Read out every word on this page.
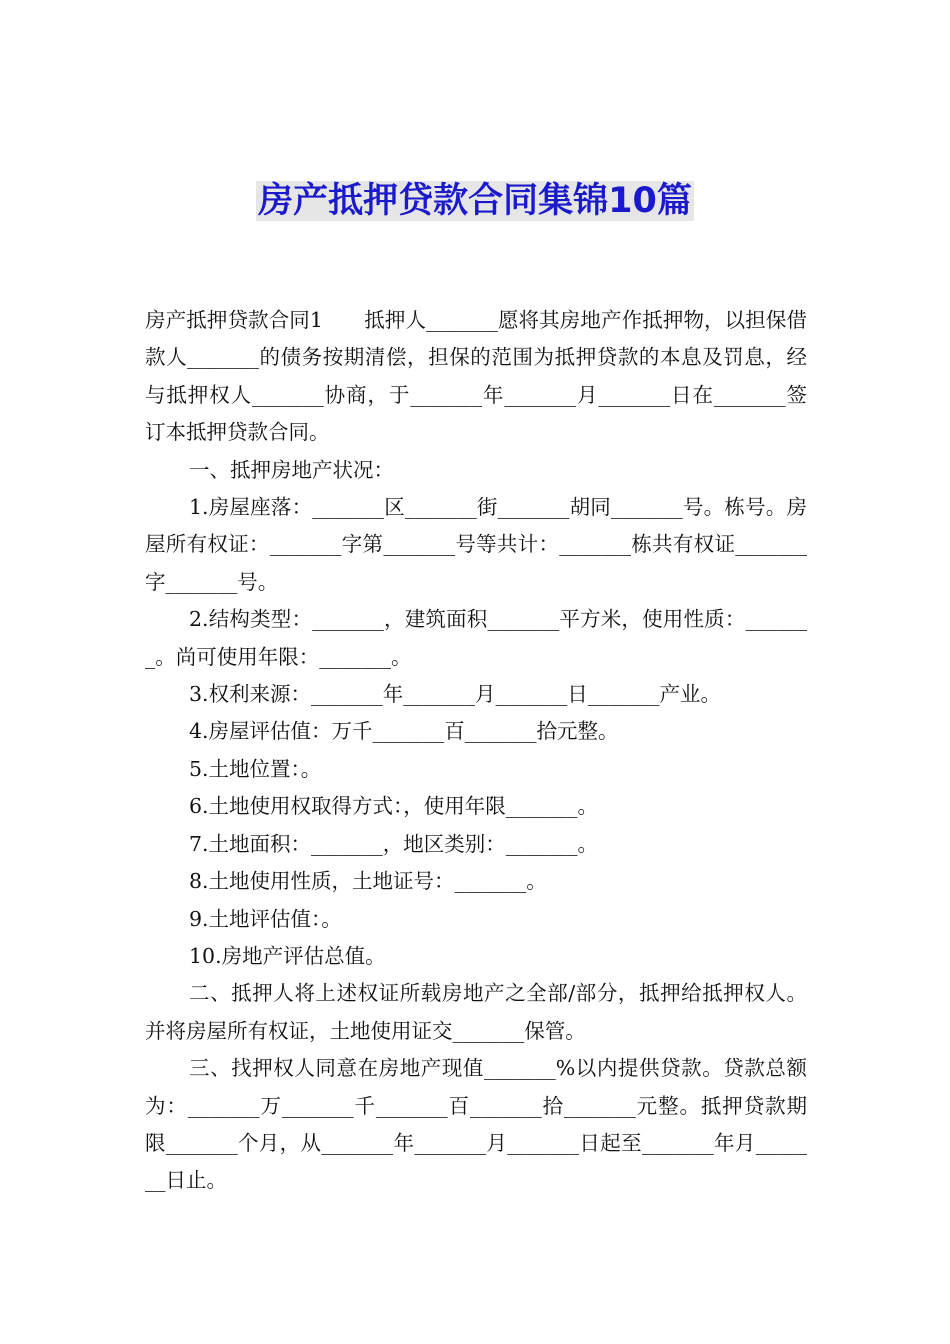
房产抵押贷款合同集锦10篇

房产抵押贷款合同1　　抵押人_______愿将其房地产作抵押物，以担保借款人_______的债务按期清偿，担保的范围为抵押贷款的本息及罚息，经与抵押权人_______协商，于_______年_______月_______日在_______签订本抵押贷款合同。

一、抵押房地产状况：

1.房屋座落：_______区_______街_______胡同_______号。栋号。房屋所有权证：_______字第_______号等共计：_______栋共有权证_______字_______号。

2.结构类型：_______，建筑面积_______平方米，使用性质：_______。尚可使用年限：_______。

3.权利来源：_______年_______月_______日_______产业。

4.房屋评估值：万千_______百_______拾元整。

5.土地位置：。

6.土地使用权取得方式：，使用年限_______。

7.土地面积：_______，地区类别：_______。

8.土地使用性质，土地证号：_______。

9.土地评估值：。

10.房地产评估总值。

二、抵押人将上述权证所载房地产之全部/部分，抵押给抵押权人。并将房屋所有权证，土地使用证交_______保管。

三、找押权人同意在房地产现值_______%以内提供贷款。贷款总额为：_______万_______千_______百_______拾_______元整。抵押贷款期限_______个月，从_______年_______月_______日起至_______年月_______日止。
